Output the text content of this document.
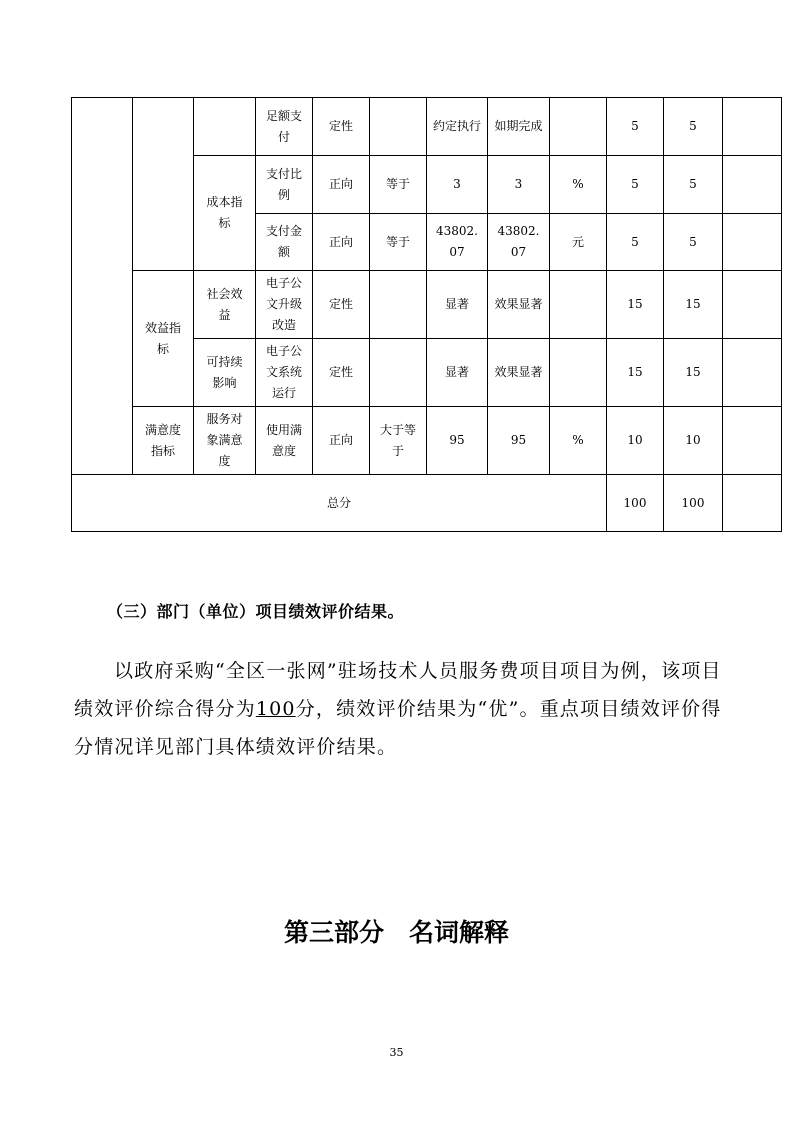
			足额支付	定性		约定执行	如期完成		5	5	
		成本指标	支付比例	正向	等于	3	3	%	5	5	
			支付金额	正向	等于	43802.07	43802.07	元	5	5	
	效益指标	社会效益	电子公文升级改造	定性		显著	效果显著		15	15	
		可持续影响	电子公文系统运行	定性		显著	效果显著		15	15	
	满意度指标	服务对象满意度	使用满意度	正向	大于等于	95	95	%	10	10	
总分									100	100	
（三）部门（单位）项目绩效评价结果。

以政府采购“全区一张网”驻场技术人员服务费项目项目为例，该项目绩效评价综合得分为100分，绩效评价结果为“优”。重点项目绩效评价得分情况详见部门具体绩效评价结果。

第三部分　名词解释
35
